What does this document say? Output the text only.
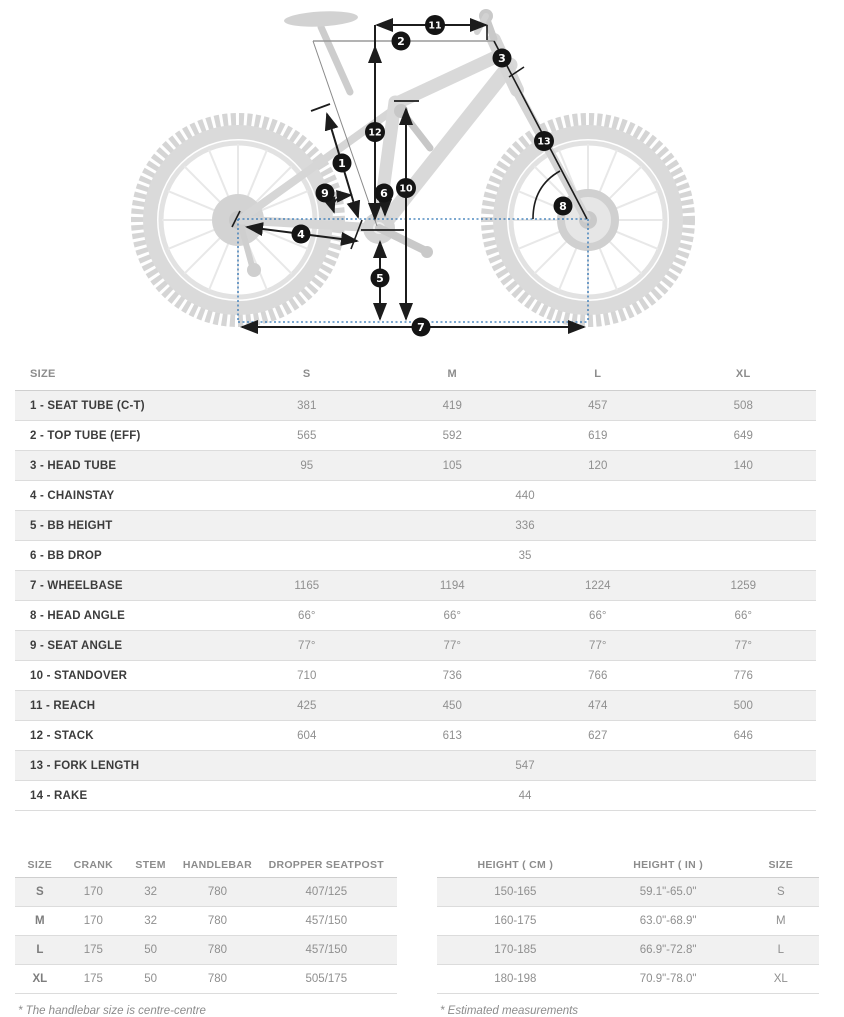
1
2
3
4
5
6
7
8
9	10
11
12
13
SIZE	S	M	L	XL
1 - SEAT TUBE (C-T)	381	419	457	508
2 - TOP TUBE (EFF)	565	592	619	649
3 - HEAD TUBE	95	105	120	140
4 - CHAINSTAY	440
5 - BB HEIGHT	336
6 - BB DROP	35
7 - WHEELBASE	1165	1194	1224	1259
8 - HEAD ANGLE	66°	66°	66°	66°
9 - SEAT ANGLE	77°	77°	77°	77°
10 - STANDOVER	710	736	766	776
11 - REACH	425	450	474	500
12 - STACK	604	613	627	646
13 - FORK LENGTH	547
14 - RAKE	44
SIZE	CRANK	STEM	HANDLEBAR	DROPPER SEATPOST
S	170	32	780	407/125
M	170	32	780	457/150
L	175	50	780	457/150
XL	175	50	780	505/175
* The handlebar size is centre-centre
HEIGHT ( CM )	HEIGHT ( IN )	SIZE
150-165	59.1"-65.0"	S
160-175	63.0"-68.9"	M
170-185	66.9"-72.8"	L
180-198	70.9"-78.0"	XL
* Estimated measurements
